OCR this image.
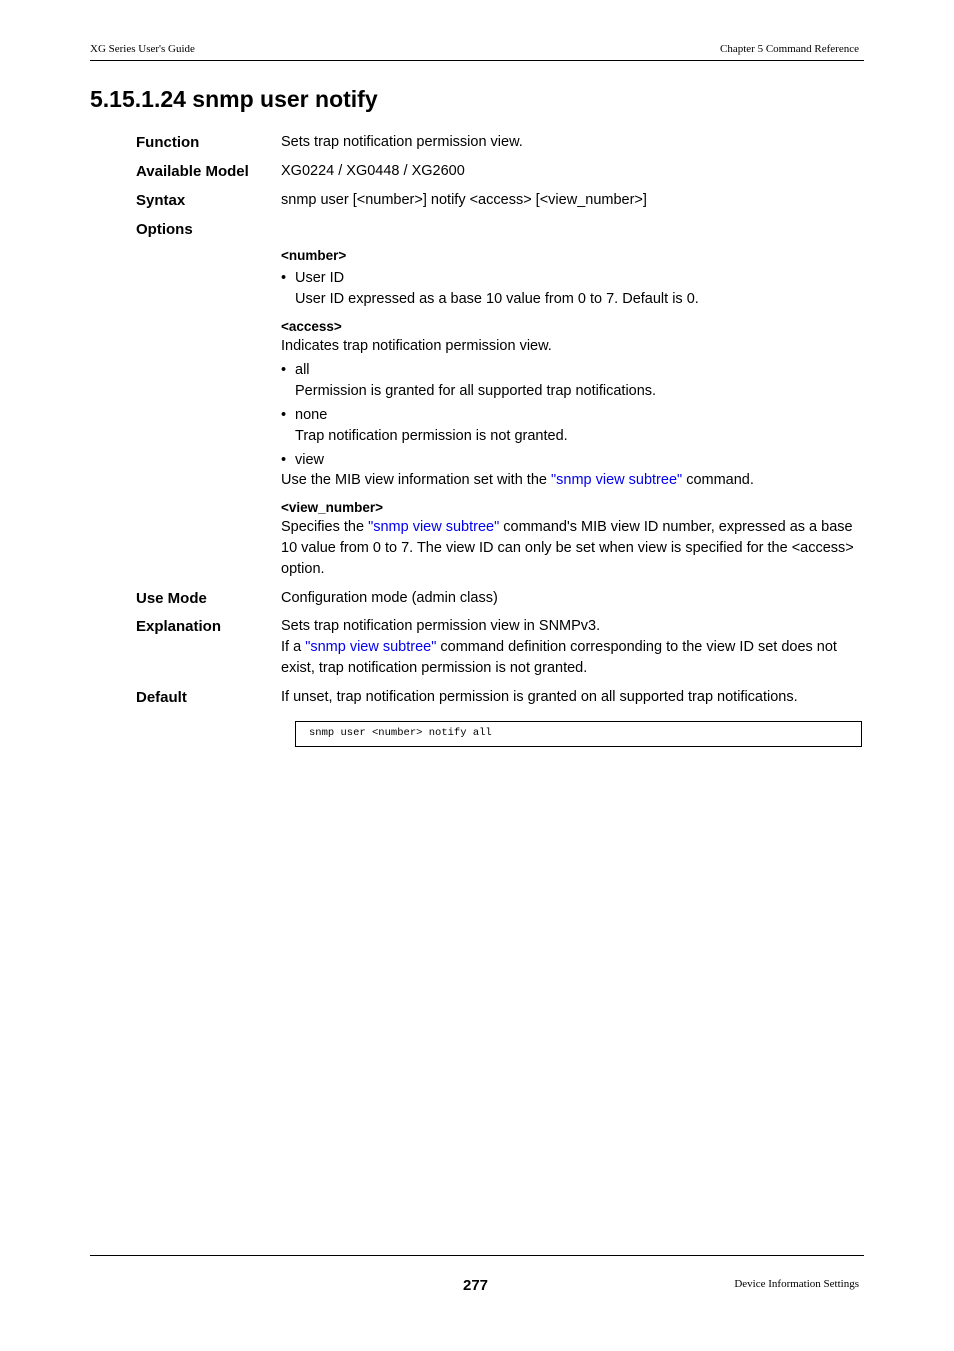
XG Series User's Guide	Chapter 5 Command Reference
5.15.1.24 snmp user notify
Function	Sets trap notification permission view.
Available Model XG0224 / XG0448 / XG2600
Syntax	snmp user [<number>] notify <access> [<view_number>]
Options
<number>
• User ID
User ID expressed as a base 10 value from 0 to 7. Default is 0.
<access>
Indicates trap notification permission view.
• all
Permission is granted for all supported trap notifications.
• none
Trap notification permission is not granted.
• view
Use the MIB view information set with the "snmp view subtree" command.
<view_number>
Specifies the "snmp view subtree" command's MIB view ID number, expressed as a base
10 value from 0 to 7. The view ID can only be set when view is specified for the <access>
option.
Use Mode	Configuration mode (admin class)
Explanation	Sets trap notification permission view in SNMPv3.
If a "snmp view subtree" command definition corresponding to the view ID set does not
exist, trap notification permission is not granted.
Default	If unset, trap notification permission is granted on all supported trap notifications.
snmp user <number> notify all
277	Device Information Settings
